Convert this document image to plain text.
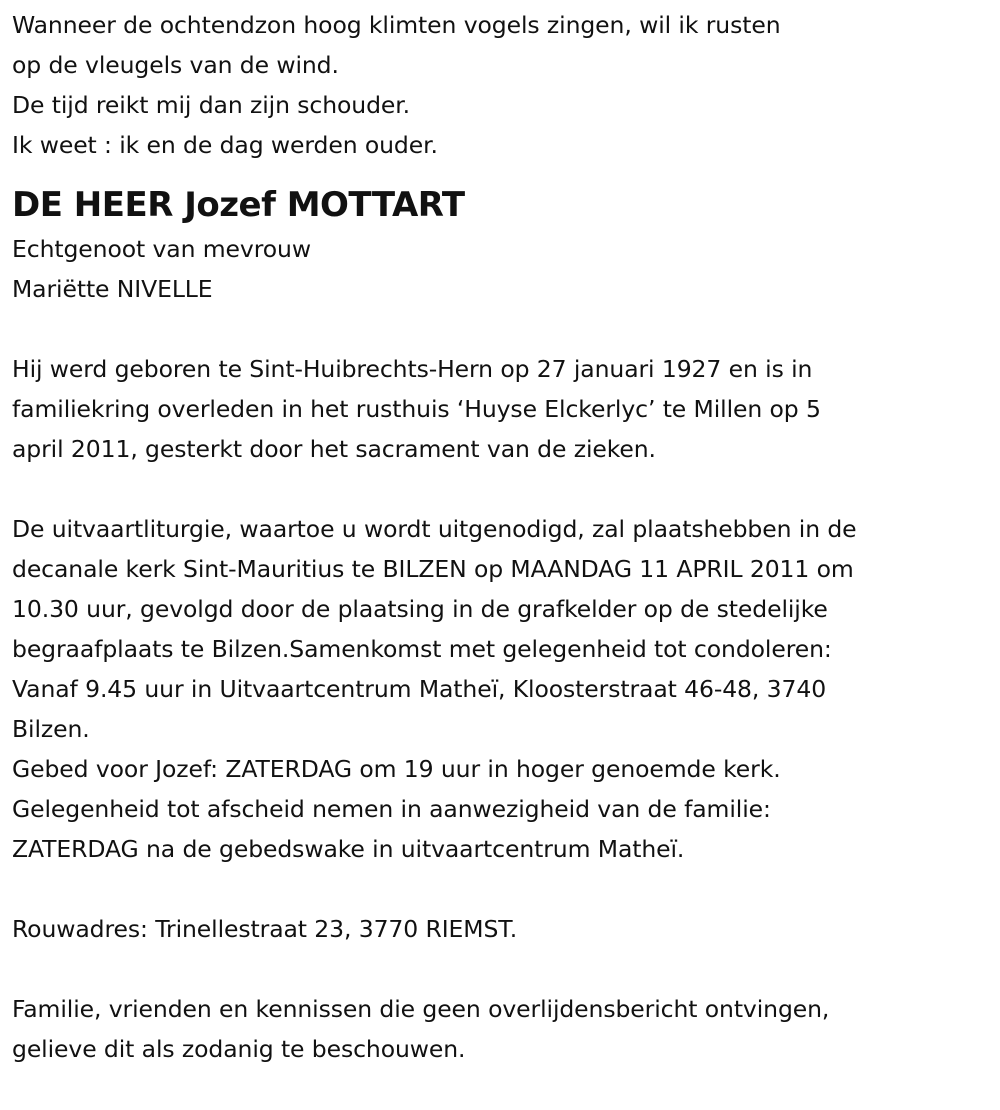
Wanneer de ochtendzon hoog klimten vogels zingen, wil ik rusten
op de vleugels van de wind.
De tijd reikt mij dan zijn schouder.
Ik weet : ik en de dag werden ouder.
DE HEER Jozef MOTTART
Echtgenoot van mevrouw
Mariëtte NIVELLE
Hij werd geboren te Sint-Huibrechts-Hern op 27 januari 1927 en is in
familiekring overleden in het rusthuis ‘Huyse Elckerlyc’ te Millen op 5
april 2011, gesterkt door het sacrament van de zieken.
De uitvaartliturgie, waartoe u wordt uitgenodigd, zal plaatshebben in de
decanale kerk Sint-Mauritius te BILZEN op MAANDAG 11 APRIL 2011 om
10.30 uur, gevolgd door de plaatsing in de grafkelder op de stedelijke
begraafplaats te Bilzen.Samenkomst met gelegenheid tot condoleren:
Vanaf 9.45 uur in Uitvaartcentrum Matheï, Kloosterstraat 46-48, 3740
Bilzen.
Gebed voor Jozef: ZATERDAG om 19 uur in hoger genoemde kerk.
Gelegenheid tot afscheid nemen in aanwezigheid van de familie:
ZATERDAG na de gebedswake in uitvaartcentrum Matheï.
Rouwadres: Trinellestraat 23, 3770 RIEMST.
Familie, vrienden en kennissen die geen overlijdensbericht ontvingen,
gelieve dit als zodanig te beschouwen.
